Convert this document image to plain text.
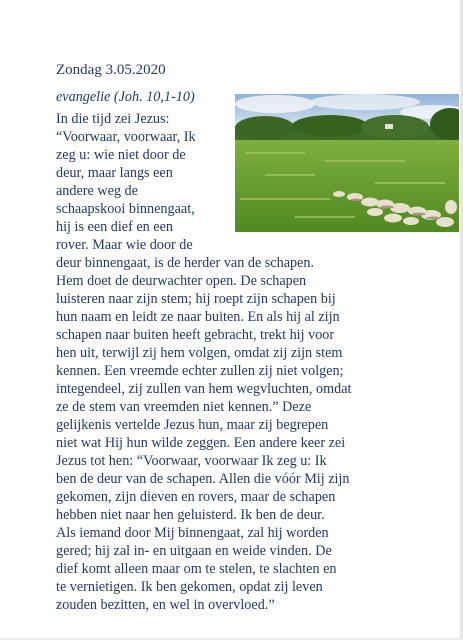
Zondag 3.05.2020
evangelie (Joh. 10,1-10)
In die tijd zei Jezus:
“Voorwaar, voorwaar, Ik
zeg u: wie niet door de
deur, maar langs een
andere weg de
schaapskooi binnengaat,
hij is een dief en een
rover. Maar wie door de
deur binnengaat, is de herder van de schapen.
Hem doet de deurwachter open. De schapen
luisteren naar zijn stem; hij roept zijn schapen bij
hun naam en leidt ze naar buiten. En als hij al zijn
schapen naar buiten heeft gebracht, trekt hij voor
hen uit, terwijl zij hem volgen, omdat zij zijn stem
kennen. Een vreemde echter zullen zij niet volgen;
integendeel, zij zullen van hem wegvluchten, omdat
ze de stem van vreemden niet kennen.” Deze
gelijkenis vertelde Jezus hun, maar zij begrepen
niet wat Hij hun wilde zeggen. Een andere keer zei
Jezus tot hen: “Voorwaar, voorwaar Ik zeg u: Ik
ben de deur van de schapen. Allen die vóór Mij zijn
gekomen, zijn dieven en rovers, maar de schapen
hebben niet naar hen geluisterd. Ik ben de deur.
Als iemand door Mij binnengaat, zal hij worden
gered; hij zal in- en uitgaan en weide vinden. De
dief komt alleen maar om te stelen, te slachten en
te vernietigen. Ik ben gekomen, opdat zij leven
zouden bezitten, en wel in overvloed.”
